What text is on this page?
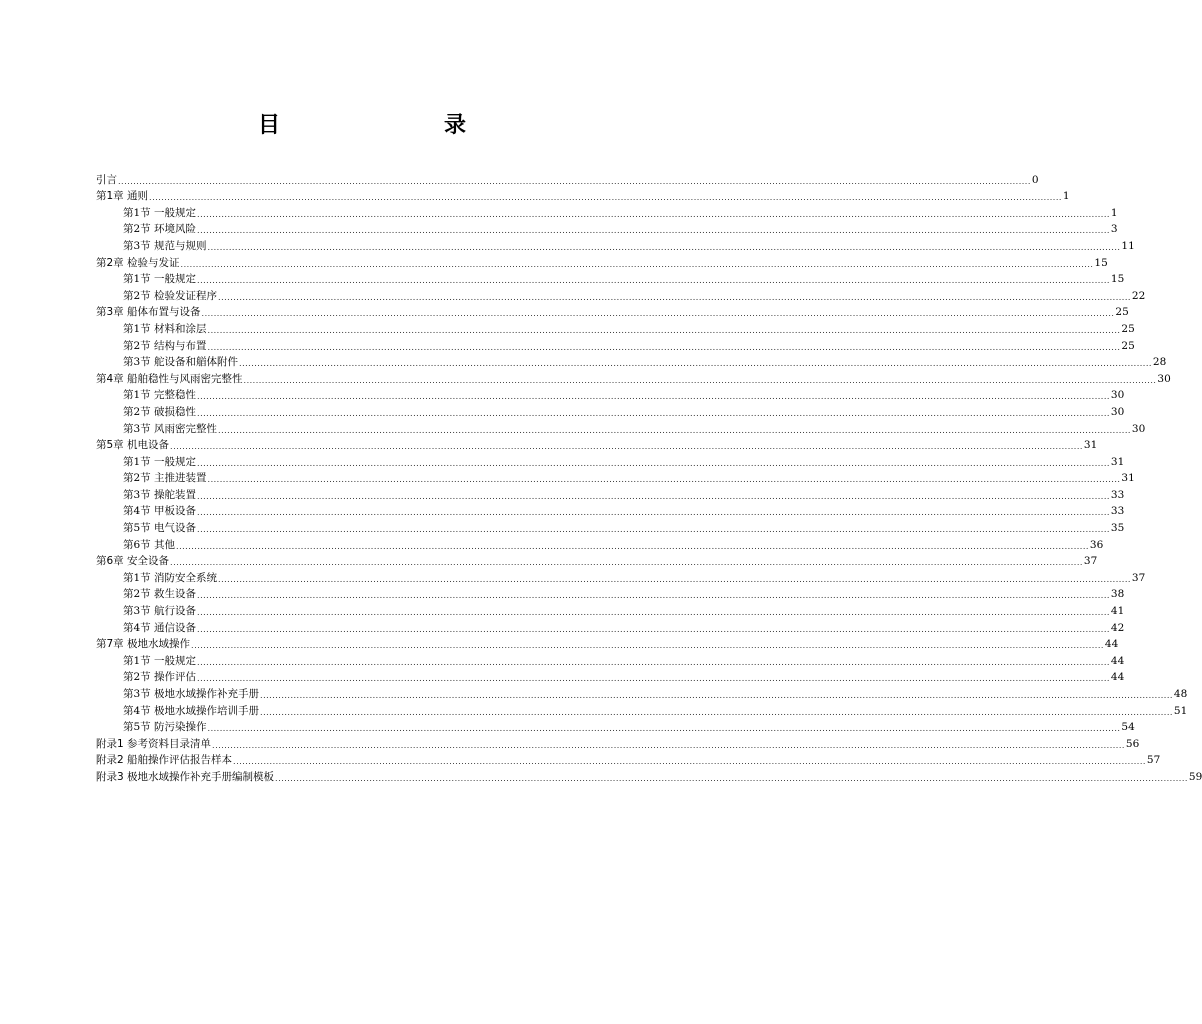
目　　录
引言 ............................................................................................................................................................................................................................................................................................................ 0
第1章 通则 ............................................................................................................................................................................................................................................................................................................ 1
第1节 一般规定 ............................................................................................................................................................................................................................................................................................................ 1
第2节 环境风险 ............................................................................................................................................................................................................................................................................................................ 3
第3节 规范与规则 ............................................................................................................................................................................................................................................................................................................ 11
第2章 检验与发证 ............................................................................................................................................................................................................................................................................................................ 15
第1节 一般规定 ............................................................................................................................................................................................................................................................................................................ 15
第2节 检验发证程序 ............................................................................................................................................................................................................................................................................................................ 22
第3章 船体布置与设备 ............................................................................................................................................................................................................................................................................................................ 25
第1节 材料和涂层 ............................................................................................................................................................................................................................................................................................................ 25
第2节 结构与布置 ............................................................................................................................................................................................................................................................................................................ 25
第3节 舵设备和艏体附件 ............................................................................................................................................................................................................................................................................................................ 28
第4章 船舶稳性与风雨密完整性 ............................................................................................................................................................................................................................................................................................................ 30
第1节 完整稳性 ............................................................................................................................................................................................................................................................................................................ 30
第2节 破损稳性 ............................................................................................................................................................................................................................................................................................................ 30
第3节 风雨密完整性 ............................................................................................................................................................................................................................................................................................................ 30
第5章 机电设备 ............................................................................................................................................................................................................................................................................................................ 31
第1节 一般规定 ............................................................................................................................................................................................................................................................................................................ 31
第2节 主推进装置 ............................................................................................................................................................................................................................................................................................................ 31
第3节 操舵装置 ............................................................................................................................................................................................................................................................................................................ 33
第4节 甲板设备 ............................................................................................................................................................................................................................................................................................................ 33
第5节 电气设备 ............................................................................................................................................................................................................................................................................................................ 35
第6节 其他 ............................................................................................................................................................................................................................................................................................................ 36
第6章 安全设备 ............................................................................................................................................................................................................................................................................................................ 37
第1节 消防安全系统 ............................................................................................................................................................................................................................................................................................................ 37
第2节 救生设备 ............................................................................................................................................................................................................................................................................................................ 38
第3节 航行设备 ............................................................................................................................................................................................................................................................................................................ 41
第4节 通信设备 ............................................................................................................................................................................................................................................................................................................ 42
第7章 极地水域操作 ............................................................................................................................................................................................................................................................................................................ 44
第1节 一般规定 ............................................................................................................................................................................................................................................................................................................ 44
第2节 操作评估 ............................................................................................................................................................................................................................................................................................................ 44
第3节 极地水域操作补充手册 ............................................................................................................................................................................................................................................................................................................ 48
第4节 极地水域操作培训手册 ............................................................................................................................................................................................................................................................................................................ 51
第5节 防污染操作 ............................................................................................................................................................................................................................................................................................................ 54
附录1 参考资料目录清单 ............................................................................................................................................................................................................................................................................................................ 56
附录2 船舶操作评估报告样本 ............................................................................................................................................................................................................................................................................................................ 57
附录3 极地水域操作补充手册编制模板 ............................................................................................................................................................................................................................................................................................................ 59
